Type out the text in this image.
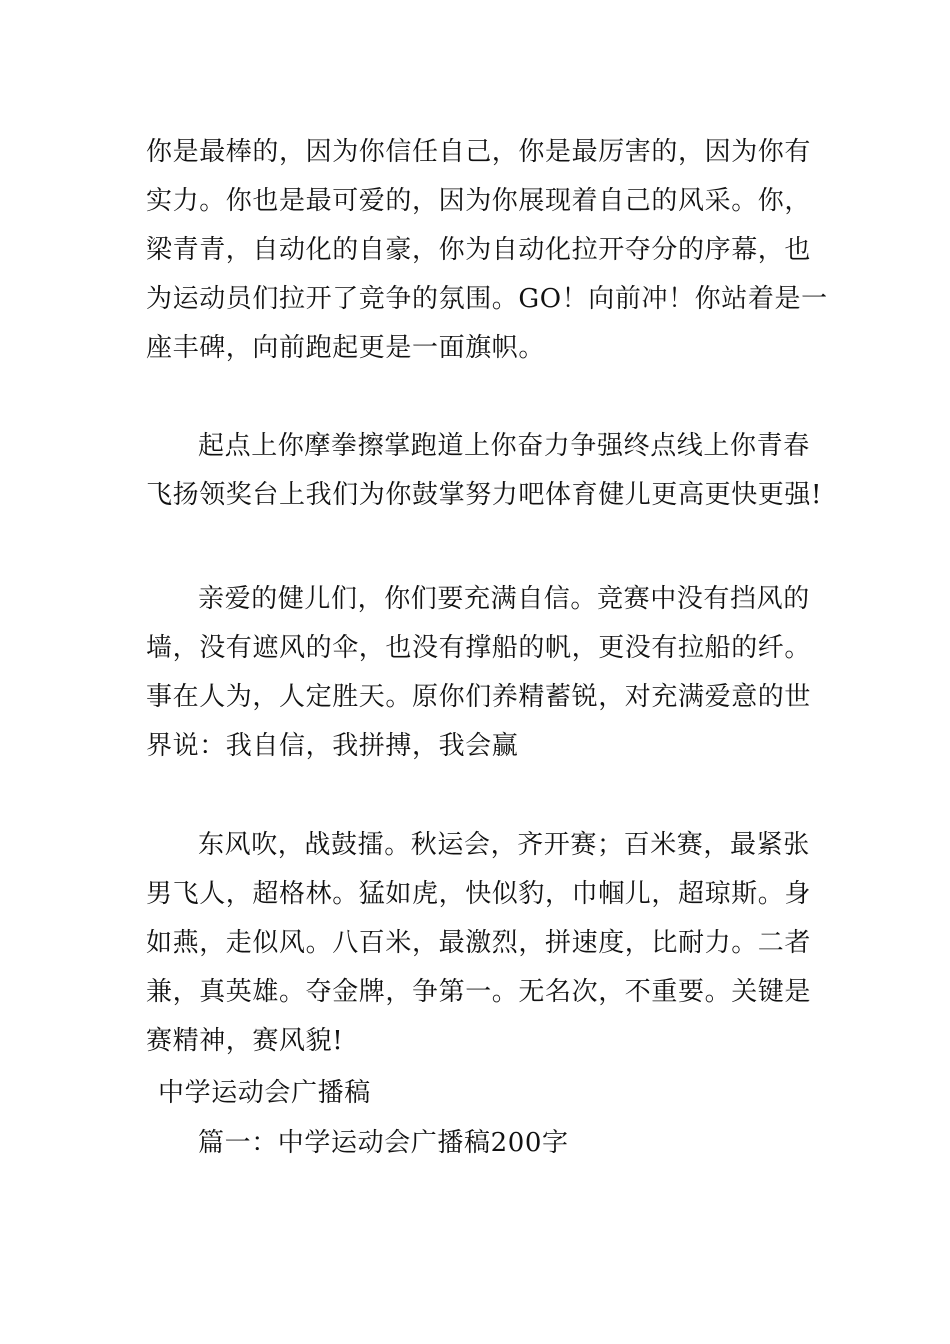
你是最棒的，因为你信任自己，你是最厉害的，因为你有
实力。你也是最可爱的，因为你展现着自己的风采。你，
梁青青，自动化的自豪，你为自动化拉开夺分的序幕，也
为运动员们拉开了竞争的氛围。GO！向前冲！你站着是一
座丰碑，向前跑起更是一面旗帜。
起点上你摩拳擦掌跑道上你奋力争强终点线上你青春
飞扬领奖台上我们为你鼓掌努力吧体育健儿更高更快更强!
亲爱的健儿们，你们要充满自信。竞赛中没有挡风的
墙，没有遮风的伞，也没有撑船的帆，更没有拉船的纤。
事在人为，人定胜天。原你们养精蓄锐，对充满爱意的世
界说：我自信，我拼搏，我会赢
东风吹，战鼓擂。秋运会，齐开赛；百米赛，最紧张
男飞人，超格林。猛如虎，快似豹，巾帼儿，超琼斯。身
如燕，走似风。八百米，最激烈，拼速度，比耐力。二者
兼，真英雄。夺金牌，争第一。无名次，不重要。关键是
赛精神，赛风貌!
中学运动会广播稿
篇一：中学运动会广播稿200字
